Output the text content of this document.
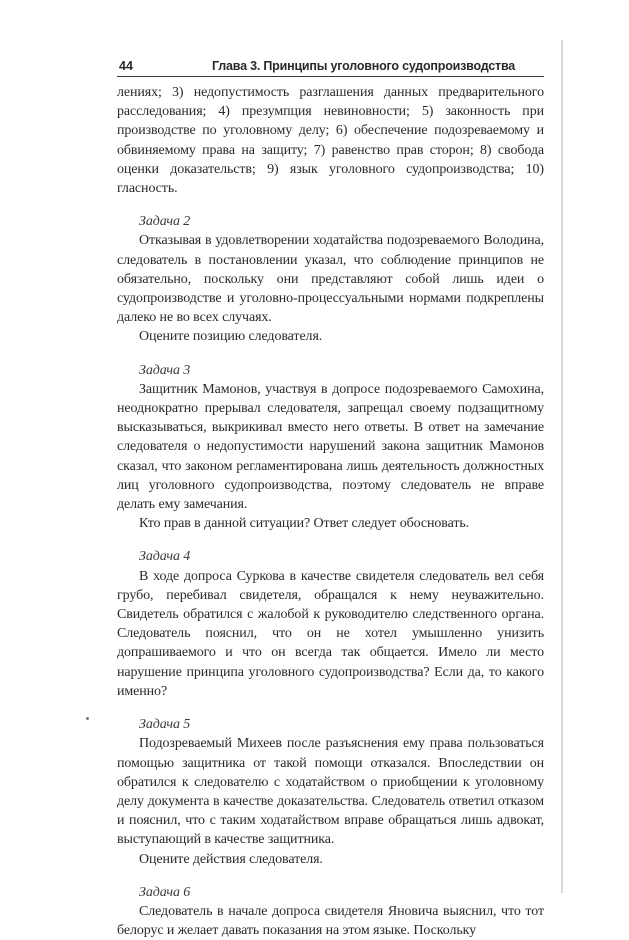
44	Глава 3. Принципы уголовного судопроизводства

лениях; 3) недопустимость разглашения данных предварительного расследования; 4) презумпция невиновности; 5) законность при производстве по уголовному делу; 6) обеспечение подозреваемому и обвиняемому права на защиту; 7) равенство прав сторон; 8) свобода оценки доказательств; 9) язык уголовного судопроизводства; 10) гласность.

Задача 2

Отказывая в удовлетворении ходатайства подозреваемого Володина, следователь в постановлении указал, что соблюдение принципов не обязательно, поскольку они представляют собой лишь идеи о судопроизводстве и уголовно-процессуальными нормами подкреплены далеко не во всех случаях.

Оцените позицию следователя.

Задача 3

Защитник Мамонов, участвуя в допросе подозреваемого Самохина, неоднократно прерывал следователя, запрещал своему подзащитному высказываться, выкрикивал вместо него ответы. В ответ на замечание следователя о недопустимости нарушений закона защитник Мамонов сказал, что законом регламентирована лишь деятельность должностных лиц уголовного судопроизводства, поэтому следователь не вправе делать ему замечания.

Кто прав в данной ситуации? Ответ следует обосновать.

Задача 4

В ходе допроса Суркова в качестве свидетеля следователь вел себя грубо, перебивал свидетеля, обращался к нему неуважительно. Свидетель обратился с жалобой к руководителю следственного органа. Следователь пояснил, что он не хотел умышленно унизить допрашиваемого и что он всегда так общается. Имело ли место нарушение принципа уголовного судопроизводства? Если да, то какого именно?

Задача 5

Подозреваемый Михеев после разъяснения ему права пользоваться помощью защитника от такой помощи отказался. Впоследствии он обратился к следователю с ходатайством о приобщении к уголовному делу документа в качестве доказательства. Следователь ответил отказом и пояснил, что с таким ходатайством вправе обращаться лишь адвокат, выступающий в качестве защитника.

Оцените действия следователя.

Задача 6

Следователь в начале допроса свидетеля Яновича выяснил, что тот белорус и желает давать показания на этом языке. Поскольку
